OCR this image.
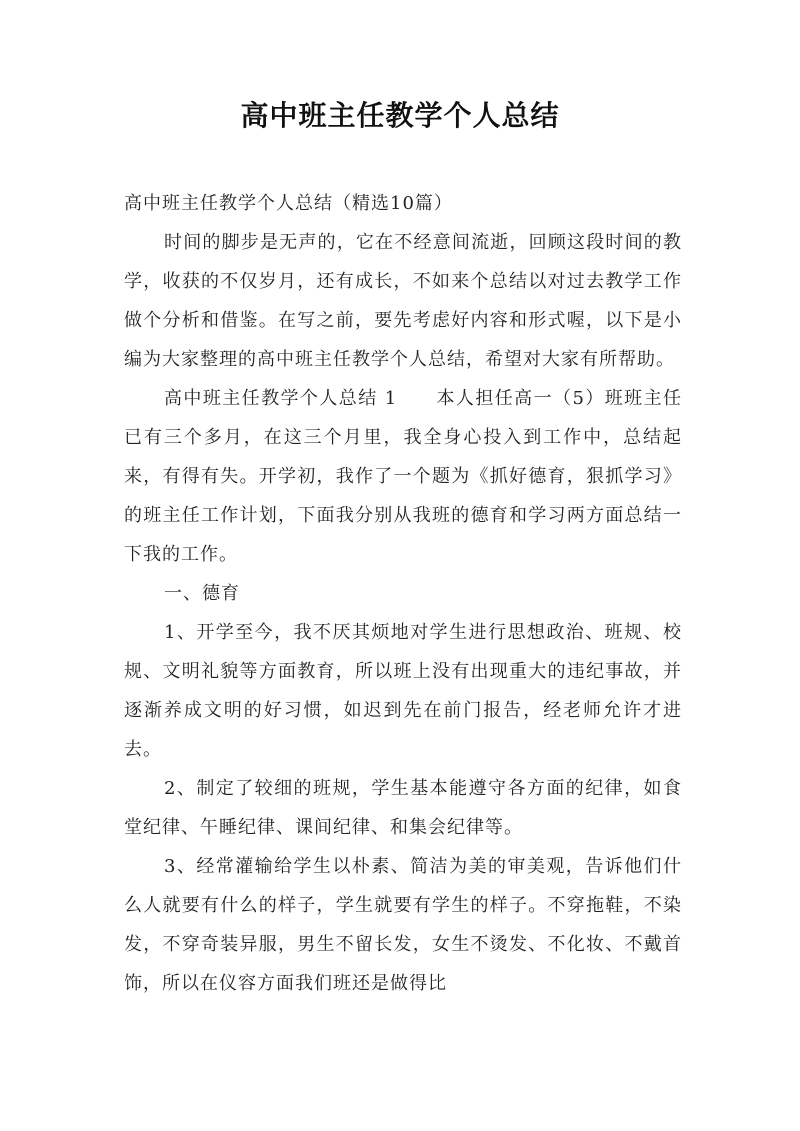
高中班主任教学个人总结

高中班主任教学个人总结（精选10篇）

时间的脚步是无声的，它在不经意间流逝，回顾这段时间的教学，收获的不仅岁月，还有成长，不如来个总结以对过去教学工作做个分析和借鉴。在写之前，要先考虑好内容和形式喔，以下是小编为大家整理的高中班主任教学个人总结，希望对大家有所帮助。

高中班主任教学个人总结 1　　本人担任高一（5）班班主任已有三个多月，在这三个月里，我全身心投入到工作中，总结起来，有得有失。开学初，我作了一个题为《抓好德育，狠抓学习》的班主任工作计划，下面我分别从我班的德育和学习两方面总结一下我的工作。

一、德育

1、开学至今，我不厌其烦地对学生进行思想政治、班规、校规、文明礼貌等方面教育，所以班上没有出现重大的违纪事故，并逐渐养成文明的好习惯，如迟到先在前门报告，经老师允许才进去。

2、制定了较细的班规，学生基本能遵守各方面的纪律，如食堂纪律、午睡纪律、课间纪律、和集会纪律等。

3、经常灌输给学生以朴素、简洁为美的审美观，告诉他们什么人就要有什么的样子，学生就要有学生的样子。不穿拖鞋，不染发，不穿奇装异服，男生不留长发，女生不烫发、不化妆、不戴首饰，所以在仪容方面我们班还是做得比
